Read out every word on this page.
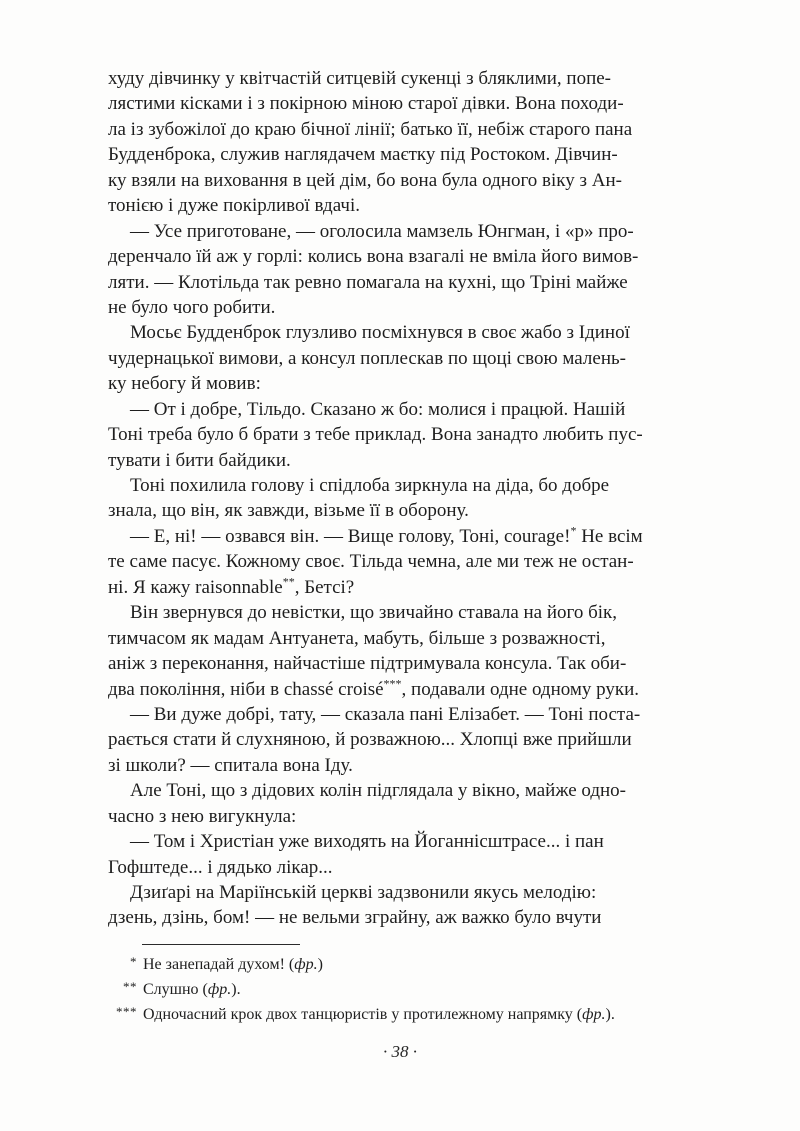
худу дівчинку у квітчастій ситцевій сукенці з бляклими, попе-
лястими кісками і з покірною міною старої дівки. Вона походи-
ла із зубожілої до краю бічної лінії; батько її, небіж старого пана
Будденброка, служив наглядачем маєтку під Ростоком. Дівчин-
ку взяли на виховання в цей дім, бо вона була одного віку з Ан-
тонією і дуже покірливої вдачі.
— Усе приготоване, — оголосила мамзель Юнгман, і «р» про-
деренчало їй аж у горлі: колись вона взагалі не вміла його вимов-
ляти. — Клотільда так ревно помагала на кухні, що Тріні майже
не було чого робити.
Мосьє Будденброк глузливо посміхнувся в своє жабо з Ідиної
чудернацької вимови, а консул поплескав по щоці свою малень-
ку небогу й мовив:
— От і добре, Тільдо. Сказано ж бо: молися і працюй. Нашій
Тоні треба було б брати з тебе приклад. Вона занадто любить пус-
тувати і бити байдики.
Тоні похилила голову і спідлоба зиркнула на діда, бо добре
знала, що він, як завжди, візьме її в оборону.
— Е, ні! — озвався він. — Вище голову, Тоні, courage!* Не всім
те саме пасує. Кожному своє. Тільда чемна, але ми теж не остан-
ні. Я кажу raisonnable**, Бетсі?
Він звернувся до невістки, що звичайно ставала на його бік,
тимчасом як мадам Антуанета, мабуть, більше з розважності,
аніж з переконання, найчастіше підтримувала консула. Так оби-
два покоління, ніби в chassé croisé***, подавали одне одному руки.
— Ви дуже добрі, тату, — сказала пані Елізабет. — Тоні поста-
рається стати й слухняною, й розважною... Хлопці вже прийшли
зі школи? — спитала вона Іду.
Але Тоні, що з дідових колін підглядала у вікно, майже одно-
часно з нею вигукнула:
— Том і Христіан уже виходять на Йоганнісштрасе... і пан
Гофштеде... і дядько лікар...
Дзиґарі на Маріїнській церкві задзвонили якусь мелодію:
дзень, дзінь, бом! — не вельми зграйну, аж важко було вчути
* Не занепадай духом! (фр.)
** Слушно (фр.).
*** Одночасний крок двох танцюристів у протилежному напрямку (фр.).
· 38 ·
